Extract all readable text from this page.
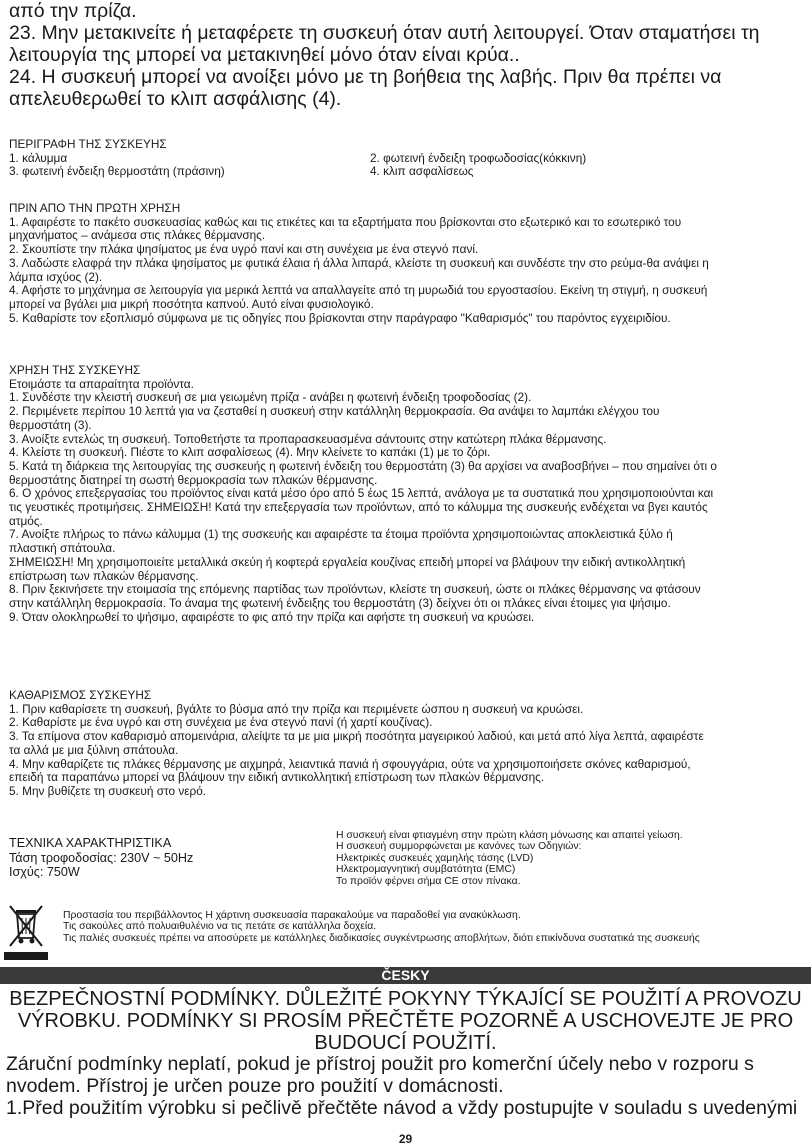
από την πρίζα.

23. Μην μετακινείτε ή μεταφέρετε τη συσκευή όταν αυτή λειτουργεί. Όταν σταματήσει τη

λειτουργία της μπορεί να μετακινηθεί μόνο όταν είναι κρύα..

24. Η συσκευή μπορεί να ανοίξει μόνο με τη βοήθεια της λαβής. Πριν θα πρέπει να

απελευθερωθεί το κλιπ ασφάλισης (4).

ΠΕΡΙΓΡΑΦΗ ΤΗΣ ΣΥΣΚΕΥΗΣ

1. κάλυμμα

3. φωτεινή ένδειξη θερμοστάτη (πράσινη)

2. φωτεινή ένδειξη τροφωδοσίας(κόκκινη)

4. κλιπ ασφαλίσεως

ΠΡΙΝ ΑΠΟ ΤΗΝ ΠΡΩΤΗ ΧΡΗΣΗ

1. Αφαιρέστε το πακέτο συσκευασίας καθώς και τις ετικέτες και τα εξαρτήματα που βρίσκονται στο εξωτερικό και το εσωτερικό του

μηχανήματος – ανάμεσα στις πλάκες θέρμανσης.

2. Σκουπίστε την πλάκα ψησίματος με ένα υγρό πανί και στη συνέχεια με ένα στεγνό πανί.

3. Λαδώστε ελαφρά την πλάκα ψησίματος με φυτικά έλαια ή άλλα λιπαρά, κλείστε τη συσκευή και συνδέστε την στο ρεύμα-θα ανάψει η

λάμπα ισχύος (2).

4. Αφήστε το μηχάνημα σε λειτουργία για μερικά λεπτά να απαλλαγείτε από τη μυρωδιά του εργοστασίου. Εκείνη τη στιγμή, η συσκευή

μπορεί να βγάλει μια μικρή ποσότητα καπνού. Αυτό είναι φυσιολογικό.

5. Καθαρίστε τον εξοπλισμό σύμφωνα με τις οδηγίες που βρίσκονται στην παράγραφο "Καθαρισμός" του παρόντος εγχειριδίου.

ΧΡΗΣΗ ΤΗΣ ΣΥΣΚΕΥΗΣ

Ετοιμάστε τα απαραίτητα προϊόντα.

1. Συνδέστε την κλειστή συσκευή σε μια γειωμένη πρίζα - ανάβει η φωτεινή ένδειξη τροφοδοσίας (2).

2. Περιμένετε περίπου 10 λεπτά για να ζεσταθεί η συσκευή στην κατάλληλη θερμοκρασία. Θα ανάψει το λαμπάκι ελέγχου του

θερμοστάτη (3).

3. Ανοίξτε εντελώς τη συσκευή. Τοποθετήστε τα προπαρασκευασμένα σάντουιτς στην κατώτερη πλάκα θέρμανσης.

4. Κλείστε τη συσκευή. Πιέστε το κλιπ ασφαλίσεως (4). Μην κλείνετε το καπάκι (1) με το ζόρι.

5. Κατά τη διάρκεια της λειτουργίας της συσκευής η φωτεινή ένδειξη του θερμοστάτη (3) θα αρχίσει να αναβοσβήνει – που σημαίνει ότι ο

θερμοστάτης διατηρεί τη σωστή θερμοκρασία των πλακών θέρμανσης.

6. Ο χρόνος επεξεργασίας του προϊόντος είναι κατά μέσο όρο από 5 έως 15 λεπτά, ανάλογα με τα συστατικά που χρησιμοποιούνται και

τις γευστικές προτιμήσεις. ΣΗΜΕΙΩΣΗ! Κατά την επεξεργασία των προϊόντων, από το κάλυμμα της συσκευής ενδέχεται να βγει καυτός

ατμός.

7. Ανοίξτε πλήρως το πάνω κάλυμμα (1) της συσκευής και αφαιρέστε τα έτοιμα προϊόντα χρησιμοποιώντας αποκλειστικά ξύλο ή

πλαστική σπάτουλα.

ΣΗΜΕΙΩΣΗ! Μη χρησιμοποιείτε μεταλλικά σκεύη ή κοφτερά εργαλεία κουζίνας επειδή μπορεί να βλάψουν την ειδική αντικολλητική

επίστρωση των πλακών θέρμανσης.

8. Πριν ξεκινήσετε την ετοιμασία της επόμενης παρτίδας των προϊόντων, κλείστε τη συσκευή, ώστε οι πλάκες θέρμανσης να φτάσουν

στην κατάλληλη θερμοκρασία. Το άναμα της φωτεινή ένδειξης του θερμοστάτη (3) δείχνει ότι οι πλάκες είναι έτοιμες για ψήσιμο.

9. Όταν ολοκληρωθεί το ψήσιμο, αφαιρέστε το φις από την πρίζα και αφήστε τη συσκευή να κρυώσει.

ΚΑΘΑΡΙΣΜΟΣ ΣΥΣΚΕΥΗΣ

1. Πριν καθαρίσετε τη συσκευή, βγάλτε το βύσμα από την πρίζα και περιμένετε ώσπου η συσκευή να κρυώσει.

2. Καθαρίστε με ένα υγρό και στη συνέχεια με ένα στεγνό πανί (ή χαρτί κουζίνας).

3. Τα επίμονα στον καθαρισμό απομεινάρια, αλείψτε τα με μια μικρή ποσότητα μαγειρικού λαδιού, και μετά από λίγα λεπτά, αφαιρέστε

τα αλλά με μια ξύλινη σπάτουλα.

4. Μην καθαρίζετε τις πλάκες θέρμανσης με αιχμηρά, λειαντικά πανιά ή σφουγγάρια, ούτε να χρησιμοποιήσετε σκόνες καθαρισμού,

επειδή τα παραπάνω μπορεί να βλάψουν την ειδική αντικολλητική επίστρωση των πλακών θέρμανσης.

5. Μην βυθίζετε τη συσκευή στο νερό.

ΤΕΧΝΙΚΑ ΧΑΡΑΚΤΗΡΙΣΤΙΚΑ

Τάση τροφοδοσίας: 230V ~ 50Hz

Ισχύς: 750W

Η συσκευή είναι φτιαγμένη στην πρώτη κλάση μόνωσης και απαιτεί γείωση.

Η συσκευή συμμορφώνεται με κανόνες των Οδηγιών:

Ηλεκτρικές συσκευές χαμηλής τάσης (LVD)

Ηλεκτρομαγνητική συμβατότητα (EMC)

Το προϊόν φέρνει σήμα CE στον πίνακα.

Προστασία του περιβάλλοντος Η χάρτινη συσκευασία παρακαλούμε να παραδοθεί για ανακύκλωση.

Τις σακούλες από πολυαιθυλένιο να τις πετάτε σε κατάλληλα δοχεία.

Τις παλιές συσκευές πρέπει να αποσύρετε με κατάλληλες διαδικασίες συγκέντρωσης αποβλήτων, διότι επικίνδυνα συστατικά της συσκευής

ČESKY

BEZPEČNOSTNÍ PODMÍNKY. DŮLEŽITÉ POKYNY TÝKAJÍCÍ SE POUŽITÍ A PROVOZU

VÝROBKU. PODMÍNKY SI PROSÍM PŘEČTĚTE POZORNĚ A USCHOVEJTE JE PRO

BUDOUCÍ POUŽITÍ.

Záruční podmínky neplatí, pokud je přístroj použit pro komerční účely nebo v rozporu s

nvodem. Přístroj je určen pouze pro použití v domácnosti.

1.Před použitím výrobku si pečlivě přečtěte návod a vždy postupujte v souladu s uvedenými

29
